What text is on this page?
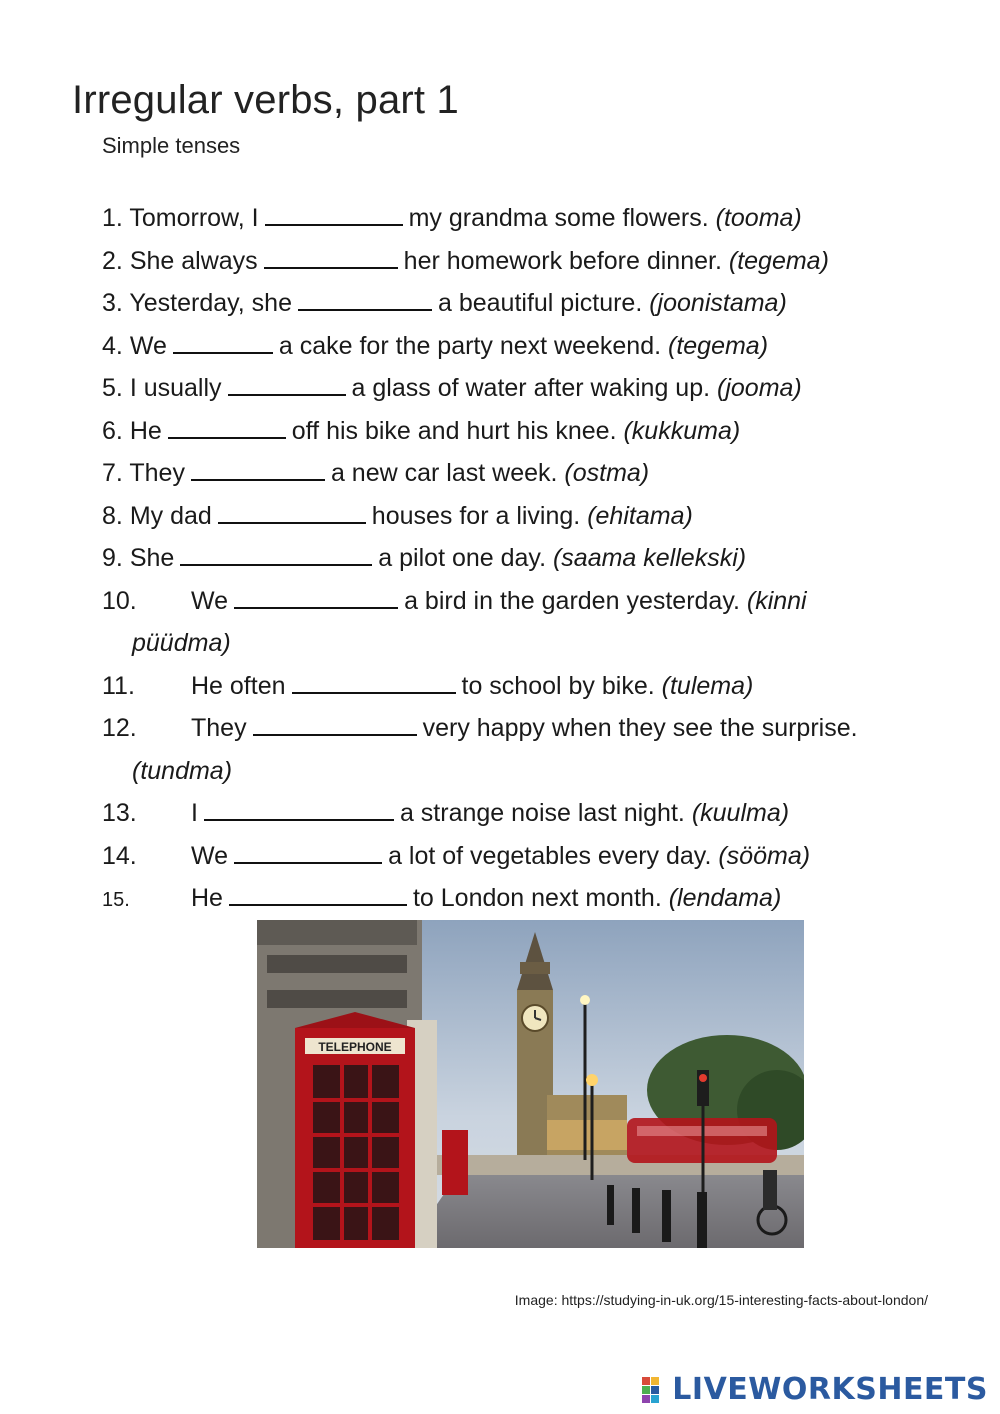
Irregular verbs, part 1
Simple tenses
1. Tomorrow, I	my grandma some flowers. (tooma)
2. She always	her homework before dinner. (tegema)
3. Yesterday, she	a beautiful picture. (joonistama)
4. We	a cake for the party next weekend. (tegema)
5. I usually	a glass of water after waking up. (jooma)
6. He	off his bike and hurt his knee. (kukkuma)
7. They	a new car last week. (ostma)
8. My dad	houses for a living. (ehitama)
9. She	a pilot one day. (saama kellekski)
10. We	a bird in the garden yesterday. (kinni
püüdma)
11. He often	to school by bike. (tulema)
12. They	very happy when they see the surprise.
(tundma)
13. I	a strange noise last night. (kuulma)
14. We	a lot of vegetables every day. (sööma)
15. He	to London next month. (lendama)
TELEPHONE
Image: https://studying-in-uk.org/15-interesting-facts-about-london/
LIVEWORKSHEETS
